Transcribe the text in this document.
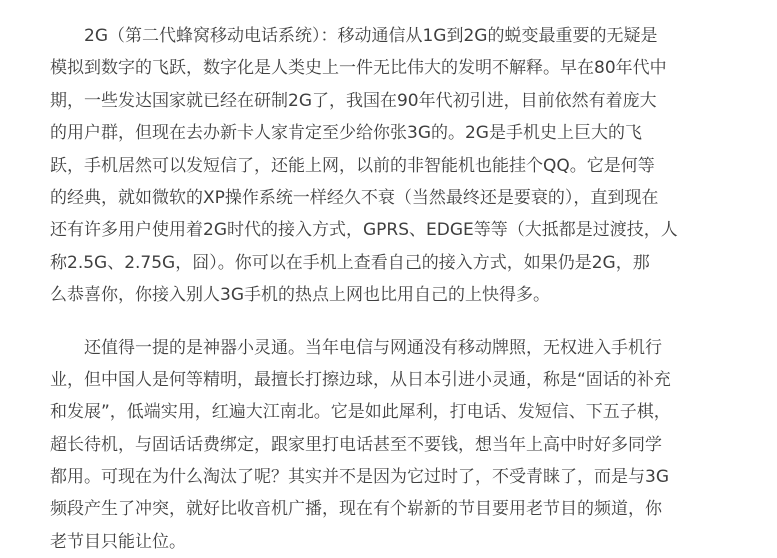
　　2G（第二代蜂窝移动电话系统）：移动通信从1G到2G的蜕变最重要的无疑是
模拟到数字的飞跃，数字化是人类史上一件无比伟大的发明不解释。早在80年代中
期，一些发达国家就已经在研制2G了，我国在90年代初引进，目前依然有着庞大
的用户群，但现在去办新卡人家肯定至少给你张3G的。2G是手机史上巨大的飞
跃，手机居然可以发短信了，还能上网，以前的非智能机也能挂个QQ。它是何等
的经典，就如微软的XP操作系统一样经久不衰（当然最终还是要衰的），直到现在
还有许多用户使用着2G时代的接入方式，GPRS、EDGE等等（大抵都是过渡技，人
称2.5G、2.75G，囧）。你可以在手机上查看自己的接入方式，如果仍是2G，那
么恭喜你，你接入别人3G手机的热点上网也比用自己的上快得多。

　　还值得一提的是神器小灵通。当年电信与网通没有移动牌照，无权进入手机行
业，但中国人是何等精明，最擅长打擦边球，从日本引进小灵通，称是“固话的补充
和发展”，低端实用，红遍大江南北。它是如此犀利，打电话、发短信、下五子棋，
超长待机，与固话话费绑定，跟家里打电话甚至不要钱，想当年上高中时好多同学
都用。可现在为什么淘汰了呢？其实并不是因为它过时了，不受青睐了，而是与3G
频段产生了冲突，就好比收音机广播，现在有个崭新的节目要用老节目的频道，你
老节目只能让位。
